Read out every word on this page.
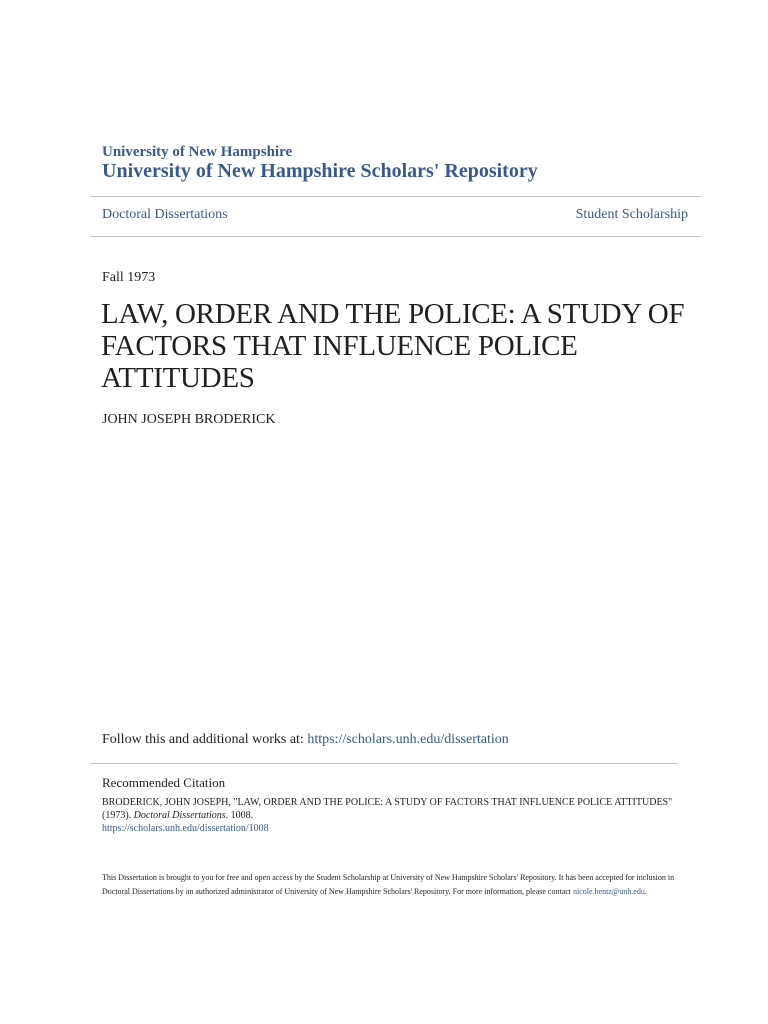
University of New Hampshire
University of New Hampshire Scholars' Repository
Doctoral Dissertations	Student Scholarship
Fall 1973
LAW, ORDER AND THE POLICE: A STUDY OF FACTORS THAT INFLUENCE POLICE ATTITUDES
JOHN JOSEPH BRODERICK
Follow this and additional works at: https://scholars.unh.edu/dissertation
Recommended Citation
BRODERICK, JOHN JOSEPH, "LAW, ORDER AND THE POLICE: A STUDY OF FACTORS THAT INFLUENCE POLICE ATTITUDES" (1973). Doctoral Dissertations. 1008.
https://scholars.unh.edu/dissertation/1008
This Dissertation is brought to you for free and open access by the Student Scholarship at University of New Hampshire Scholars' Repository. It has been accepted for inclusion in Doctoral Dissertations by an authorized administrator of University of New Hampshire Scholars' Repository. For more information, please contact nicole.hentz@unh.edu.
